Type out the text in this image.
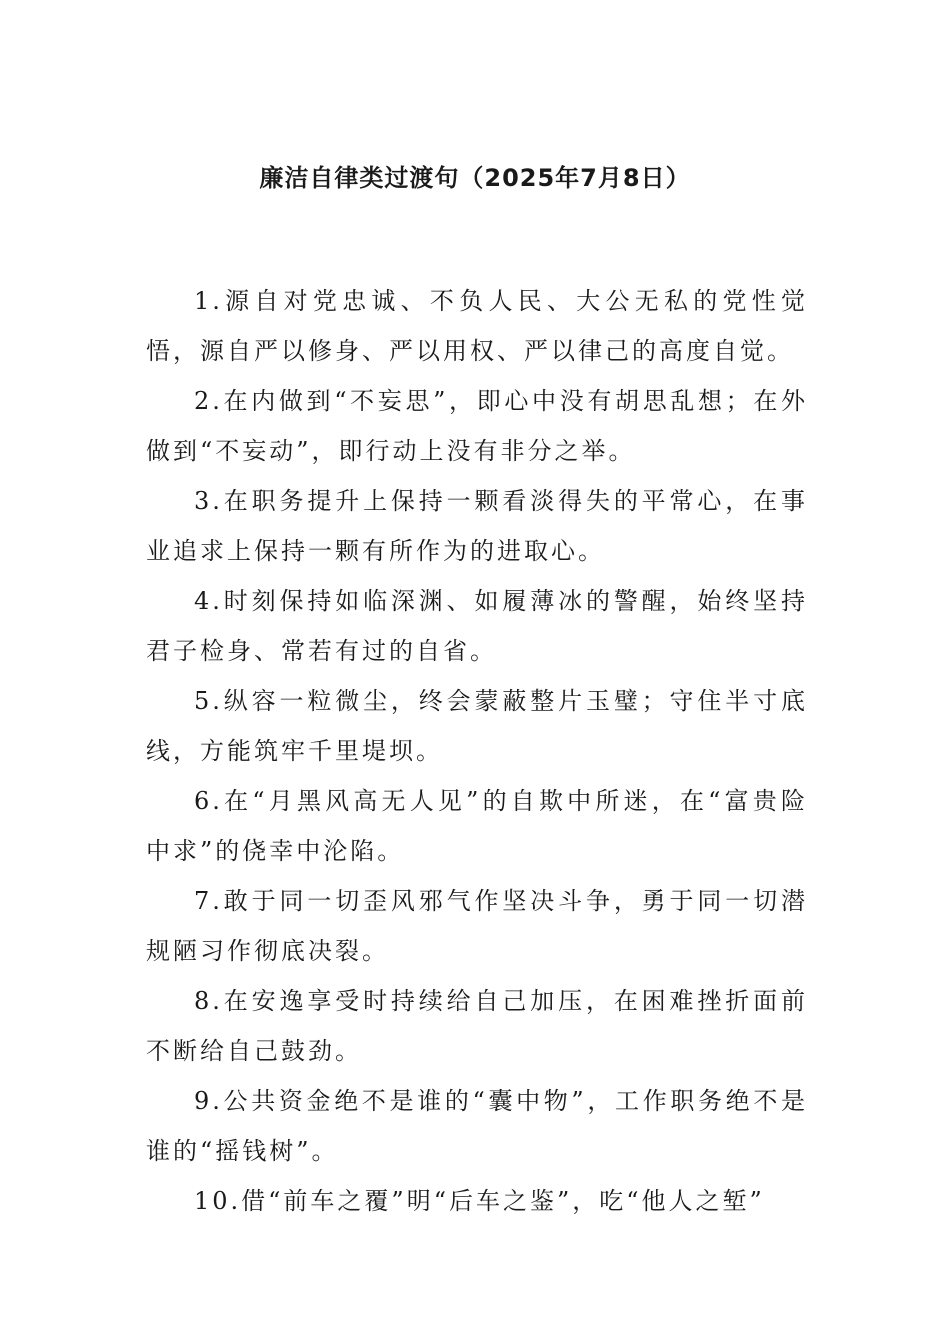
廉洁自律类过渡句（2025年7月8日）

1.源自对党忠诚、不负人民、大公无私的党性觉悟，源自严以修身、严以用权、严以律己的高度自觉。

2.在内做到“不妄思”，即心中没有胡思乱想；在外做到“不妄动”，即行动上没有非分之举。

3.在职务提升上保持一颗看淡得失的平常心，在事业追求上保持一颗有所作为的进取心。

4.时刻保持如临深渊、如履薄冰的警醒，始终坚持君子检身、常若有过的自省。

5.纵容一粒微尘，终会蒙蔽整片玉璧；守住半寸底线，方能筑牢千里堤坝。

6.在“月黑风高无人见”的自欺中所迷，在“富贵险中求”的侥幸中沦陷。

7.敢于同一切歪风邪气作坚决斗争，勇于同一切潜规陋习作彻底决裂。

8.在安逸享受时持续给自己加压，在困难挫折面前不断给自己鼓劲。

9.公共资金绝不是谁的“囊中物”，工作职务绝不是谁的“摇钱树”。

10.借“前车之覆”明“后车之鉴”，吃“他人之堑”
